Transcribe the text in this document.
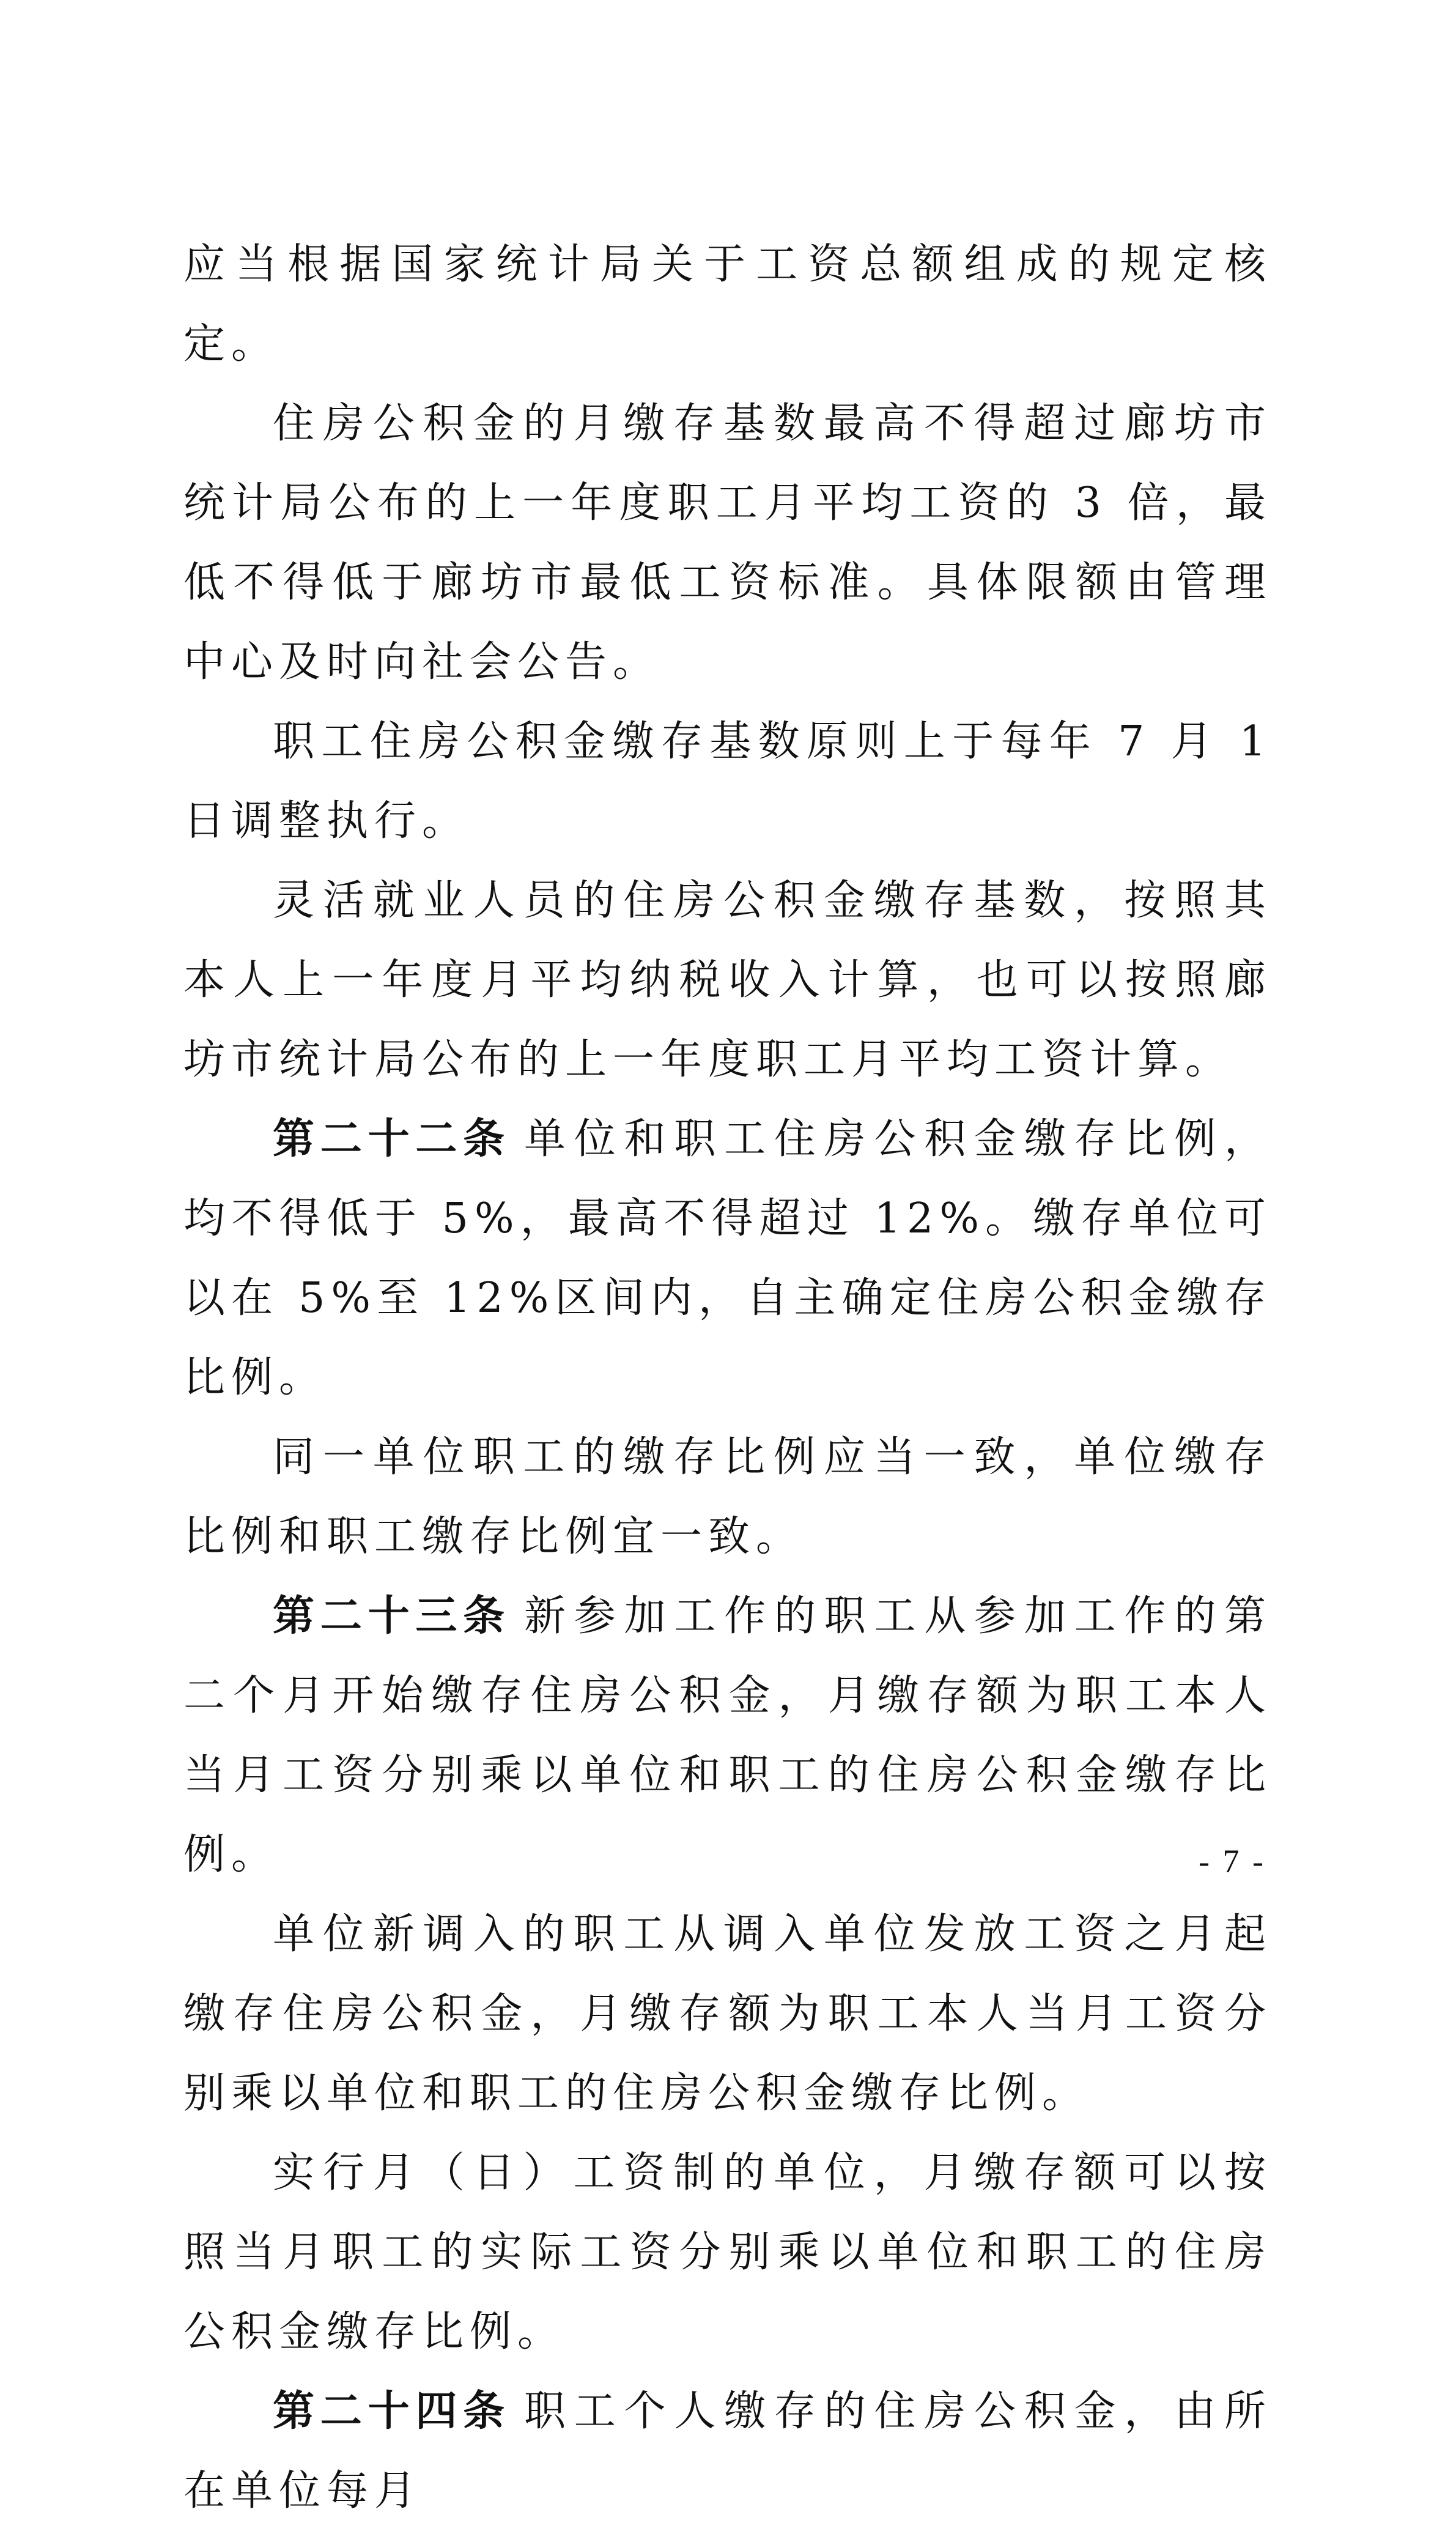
应当根据国家统计局关于工资总额组成的规定核定。

住房公积金的月缴存基数最高不得超过廊坊市统计局公布的上一年度职工月平均工资的 3 倍，最低不得低于廊坊市最低工资标准。具体限额由管理中心及时向社会公告。

职工住房公积金缴存基数原则上于每年 7 月 1 日调整执行。

灵活就业人员的住房公积金缴存基数，按照其本人上一年度月平均纳税收入计算，也可以按照廊坊市统计局公布的上一年度职工月平均工资计算。

第二十二条 单位和职工住房公积金缴存比例，均不得低于 5%，最高不得超过 12%。缴存单位可以在 5%至 12%区间内，自主确定住房公积金缴存比例。

同一单位职工的缴存比例应当一致，单位缴存比例和职工缴存比例宜一致。

第二十三条 新参加工作的职工从参加工作的第二个月开始缴存住房公积金，月缴存额为职工本人当月工资分别乘以单位和职工的住房公积金缴存比例。

单位新调入的职工从调入单位发放工资之月起缴存住房公积金，月缴存额为职工本人当月工资分别乘以单位和职工的住房公积金缴存比例。

实行月（日）工资制的单位，月缴存额可以按照当月职工的实际工资分别乘以单位和职工的住房公积金缴存比例。

第二十四条 职工个人缴存的住房公积金，由所在单位每月

- 7 -
